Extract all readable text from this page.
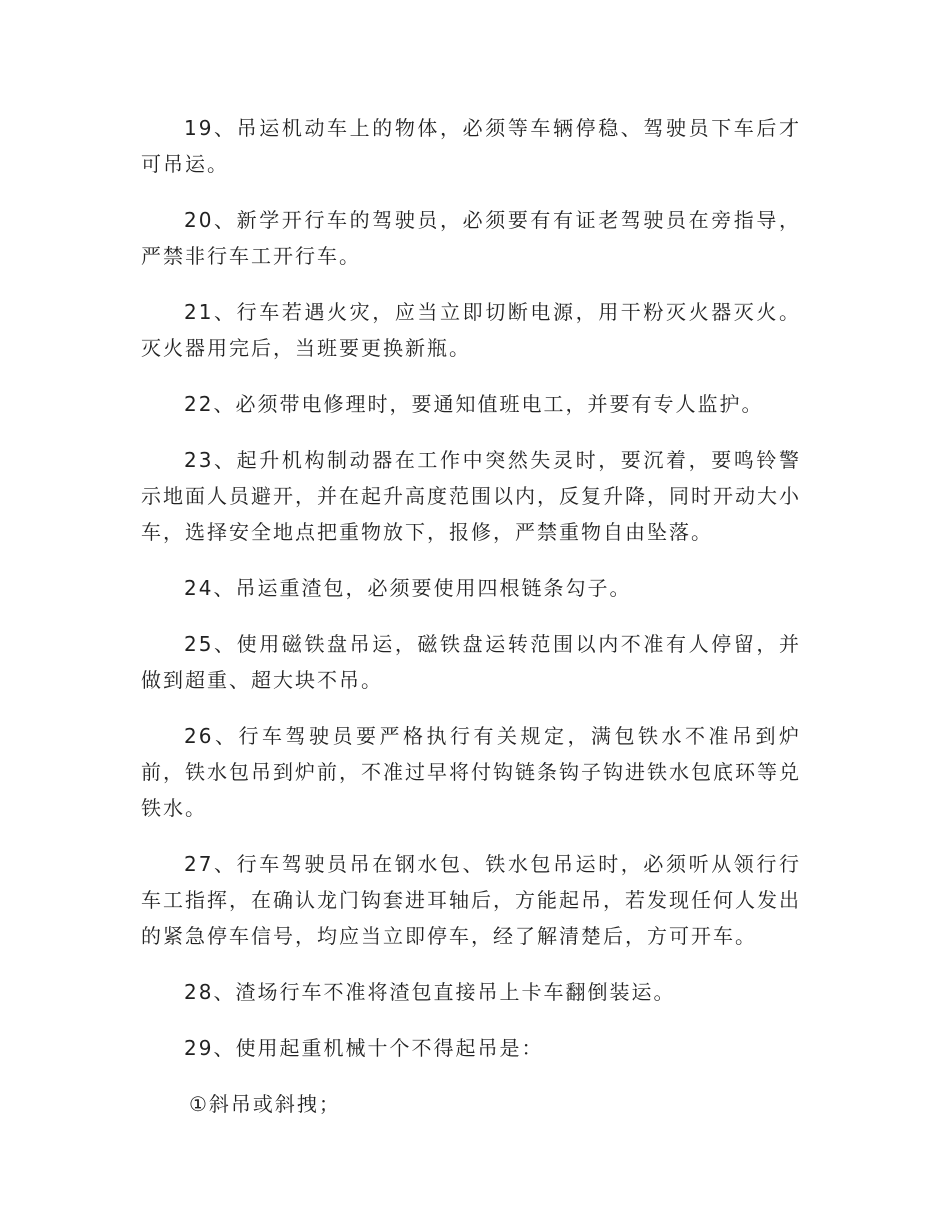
19、吊运机动车上的物体，必须等车辆停稳、驾驶员下车后才可吊运。

20、新学开行车的驾驶员，必须要有有证老驾驶员在旁指导，严禁非行车工开行车。

21、行车若遇火灾，应当立即切断电源，用干粉灭火器灭火。灭火器用完后，当班要更换新瓶。

22、必须带电修理时，要通知值班电工，并要有专人监护。

23、起升机构制动器在工作中突然失灵时，要沉着，要鸣铃警示地面人员避开，并在起升高度范围以内，反复升降，同时开动大小车，选择安全地点把重物放下，报修，严禁重物自由坠落。

24、吊运重渣包，必须要使用四根链条勾子。

25、使用磁铁盘吊运，磁铁盘运转范围以内不准有人停留，并做到超重、超大块不吊。

26、行车驾驶员要严格执行有关规定，满包铁水不准吊到炉前，铁水包吊到炉前，不准过早将付钩链条钩子钩进铁水包底环等兑铁水。

27、行车驾驶员吊在钢水包、铁水包吊运时，必须听从领行行车工指挥，在确认龙门钩套进耳轴后，方能起吊，若发现任何人发出的紧急停车信号，均应当立即停车，经了解清楚后，方可开车。

28、渣场行车不准将渣包直接吊上卡车翻倒装运。

29、使用起重机械十个不得起吊是：

①斜吊或斜拽；
